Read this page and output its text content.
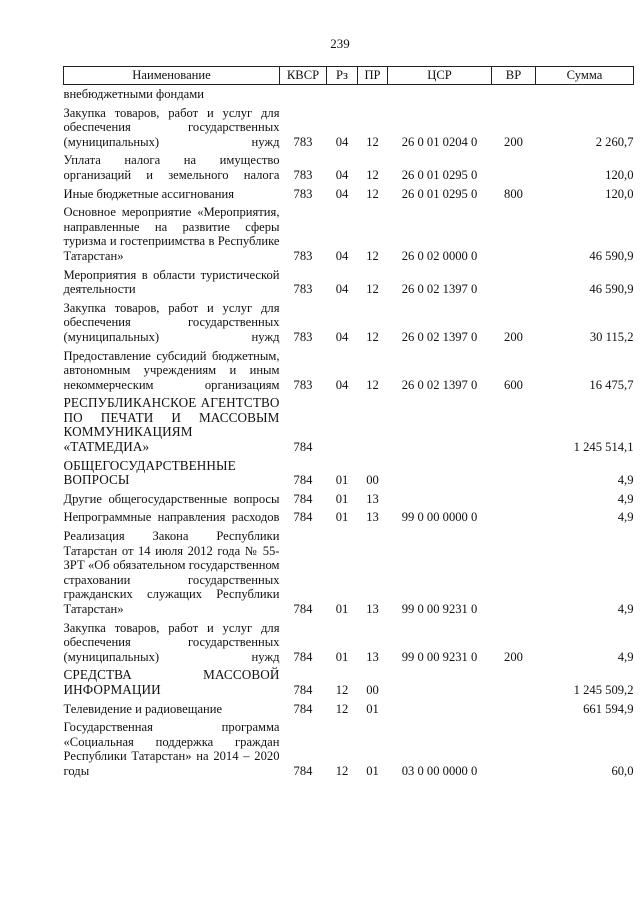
239
Наименование	КВСР	Рз	ПР	ЦСР	ВР	Сумма
внебюджетными фондами						
Закупка товаров, работ и услуг для обеспечения государственных (муниципальных) нужд	783	04	12	26 0 01 0204 0	200	2 260,7
Уплата налога на имущество организаций и земельного налога	783	04	12	26 0 01 0295 0		120,0
Иные бюджетные ассигнования	783	04	12	26 0 01 0295 0	800	120,0
Основное мероприятие «Мероприятия, направленные на развитие сферы туризма и гостеприимства в Республике Татарстан»	783	04	12	26 0 02 0000 0		46 590,9
Мероприятия в области туристической деятельности	783	04	12	26 0 02 1397 0		46 590,9
Закупка товаров, работ и услуг для обеспечения государственных (муниципальных) нужд	783	04	12	26 0 02 1397 0	200	30 115,2
Предоставление субсидий бюджетным, автономным учреждениям и иным некоммерческим организациям	783	04	12	26 0 02 1397 0	600	16 475,7
РЕСПУБЛИКАНСКОЕ АГЕНТСТВО ПО ПЕЧАТИ И МАССОВЫМ КОММУНИКАЦИЯМ «ТАТМЕДИА»	784					1 245 514,1
ОБЩЕГОСУДАРСТВЕННЫЕ ВОПРОСЫ	784	01	00			4,9
Другие общегосударственные вопросы	784	01	13			4,9
Непрограммные направления расходов	784	01	13	99 0 00 0000 0		4,9
Реализация Закона Республики Татарстан от 14 июля 2012 года № 55-ЗРТ «Об обязательном государственном страховании государственных гражданских служащих Республики Татарстан»	784	01	13	99 0 00 9231 0		4,9
Закупка товаров, работ и услуг для обеспечения государственных (муниципальных) нужд	784	01	13	99 0 00 9231 0	200	4,9
СРЕДСТВА МАССОВОЙ ИНФОРМАЦИИ	784	12	00			1 245 509,2
Телевидение и радиовещание	784	12	01			661 594,9
Государственная программа «Социальная поддержка граждан Республики Татарстан» на 2014 – 2020 годы	784	12	01	03 0 00 0000 0		60,0
